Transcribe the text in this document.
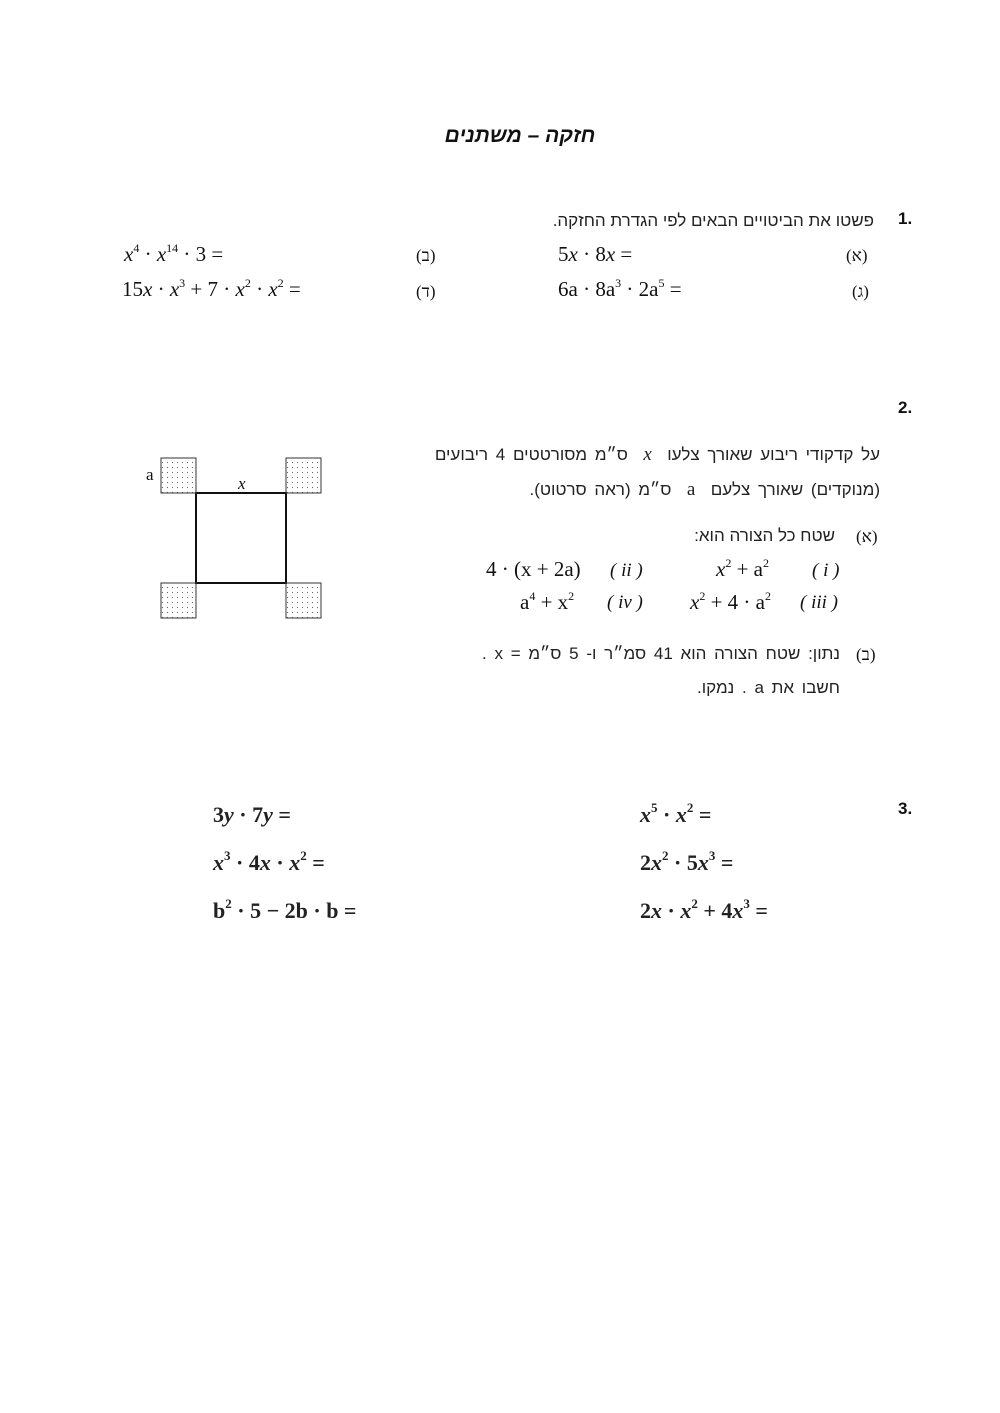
חזקה – משתנים
1.
פשטו את הביטויים הבאים לפי הגדרת החזקה.
(א)
5x · 8x =
(ב)
$x^4 \cdot x^{14} \cdot 3$ =
(ג)
$6a \cdot 8a^3 \cdot 2a^5$ =
(ד)
$15x \cdot x^3 + 7 \cdot x^2 \cdot x^2$ =
2.
על קדקודי ריבוע שאורך צלעו  x  ס״מ מסורטטים 4 ריבועים
(מנוקדים) שאורך צלעם  a  ס״מ (ראה סרטוט).
(א)
שטח כל הצורה הוא:
( i )
$x^2 + a^2$
( ii )
4 · (x + 2a)
( iii )
$x^2 + 4 \cdot a^2$
( iv )
$a^4 + x^2$
(ב)
נתון: שטח הצורה הוא 41 סמ״ר ו- 5 ס״מ = x .
חשבו את a . נמקו.
x
a
3.
$x^5 \cdot x^2$ =
$2x^2 \cdot 5x^3$ =
$2x \cdot x^2 + 4x^3$ =
3y · 7y =
$x^3 \cdot 4x \cdot x^2$ =
$b^2 \cdot 5 - 2b \cdot b$ =
